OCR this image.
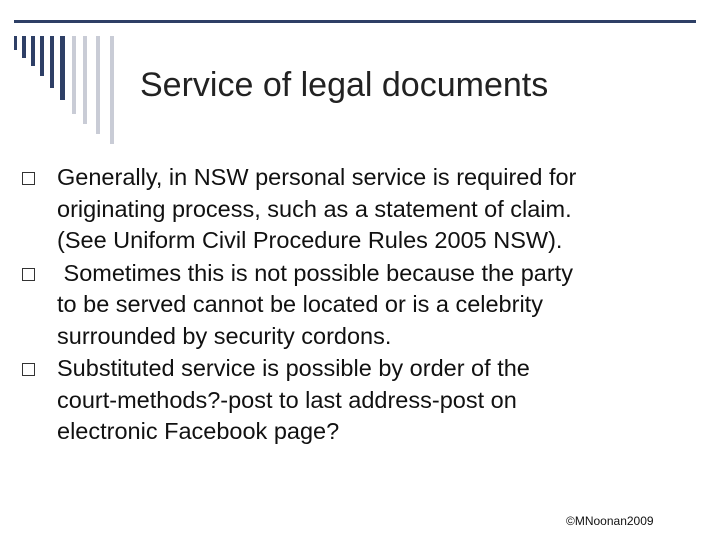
Service of legal documents
Generally, in NSW personal service is required for
originating process, such as a statement of claim.
(See Uniform Civil Procedure Rules 2005 NSW).
Sometimes this is not possible because the party
to be served cannot be located or is a celebrity
surrounded by security cordons.
Substituted service is possible by order of the
court-methods?-post to last address-post on
electronic Facebook page?
©MNoonan2009
